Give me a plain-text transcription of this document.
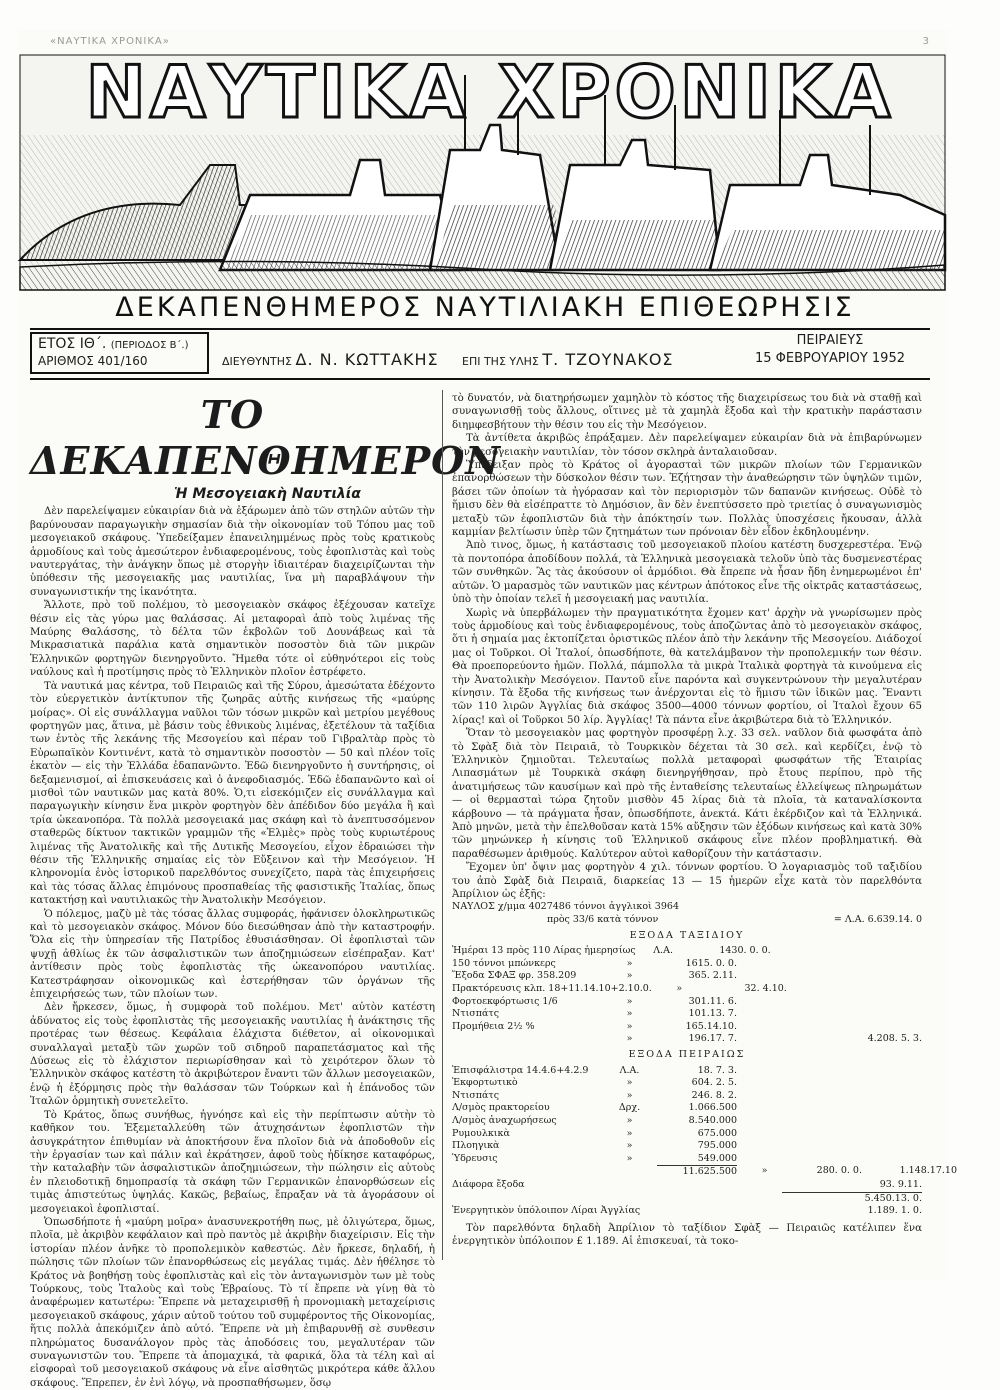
«ΝΑΥΤΙΚΑ ΧΡΟΝΙΚΑ»	3
ΝΑΥΤΙΚΑ ΧΡΟΝΙΚΑ
ΔΕΚΑΠΕΝΘΗΜΕΡΟΣ ΝΑΥΤΙΛΙΑΚΗ ΕΠΙΘΕΩΡΗΣΙΣ
ΕΤΟΣ ΙΘ΄. (ΠΕΡΙΟΔΟΣ Β΄.)
ΑΡΙΘΜΟΣ 401/160	ΔΙΕΥΘΥΝΤΗΣ Δ. Ν. ΚΩΤΤΑΚΗΣ ΕΠΙ ΤΗΣ ΥΛΗΣ Τ. ΤΖΟΥΝΑΚΟΣ
ΠΕΙΡΑΙΕΥΣ
15 ΦΕΒΡΟΥΑΡΙΟΥ 1952
ΤΟ ΔΕΚΑΠΕΝΘΗΜΕΡΟΝ
Ἡ Μεσογειακὴ Ναυτιλία

Δὲν παρελείψαμεν εὐκαιρίαν διὰ νὰ ἐξάρωμεν ἀπὸ τῶν στηλῶν αὐτῶν τὴν βαρύνουσαν παραγωγικὴν σημασίαν διὰ τὴν οἰκονομίαν τοῦ Τόπου μας τοῦ μεσογειακοῦ σκάφους. Ὑπεδείξαμεν ἐπανειλημμένως πρὸς τοὺς κρατικοὺς ἁρμοδίους καὶ τοὺς ἀμεσώτερον ἐνδιαφερομένους, τοὺς ἐφοπλιστὰς καὶ τοὺς ναυτεργάτας, τὴν ἀνάγκην ὅπως μὲ στοργὴν ἰδιαιτέραν διαχειρίζωνται τὴν ὑπόθεσιν τῆς μεσογειακῆς μας ναυτιλίας, ἵνα μὴ παραβλάψουν τὴν συναγωνιστικήν της ἱκανότητα.

Ἄλλοτε, πρὸ τοῦ πολέμου, τὸ μεσογειακὸν σκάφος ἐξέχουσαν κατεῖχε θέσιν εἰς τὰς γύρω μας θαλάσσας. Αἱ μεταφοραὶ ἀπὸ τοὺς λιμένας τῆς Μαύρης Θαλάσσης, τὸ δέλτα τῶν ἐκβολῶν τοῦ Δουνάβεως καὶ τὰ Μικρασιατικὰ παράλια κατὰ σημαντικὸν ποσοστὸν διὰ τῶν μικρῶν Ἑλληνικῶν φορτηγῶν διενηργοῦντο. Ἤμεθα τότε οἱ εὐθηνότεροι εἰς τοὺς ναύλους καὶ ἡ προτίμησις πρὸς τὸ Ἑλληνικὸν πλοῖον ἐστρέφετο.

Τὰ ναυτικά μας κέντρα, τοῦ Πειραιῶς καὶ τῆς Σύρου, ἀμεσώτατα ἐδέχοντο τὸν εὐεργετικὸν ἀντίκτυπον τῆς ζωηρᾶς αὐτῆς κινήσεως τῆς «μαύρης μοίρας». Οἱ εἰς συνάλλαγμα ναῦλοι τῶν τόσων μικρῶν καὶ μετρίου μεγέθους φορτηγῶν μας, ἅτινα, μὲ βάσιν τοὺς ἐθνικοὺς λιμένας, ἐξετέλουν τὰ ταξίδια των ἐντὸς τῆς λεκάνης τῆς Μεσογείου καὶ πέραν τοῦ Γιβραλτὰρ πρὸς τὸ Εὐρωπαϊκὸν Κοντινέντ, κατὰ τὸ σημαντικὸν ποσοστὸν — 50 καὶ πλέον τοῖς ἑκατὸν — εἰς τὴν Ἑλλάδα ἐδαπανῶντο. Ἐδῶ διενηργοῦντο ἡ συντήρησις, οἱ δεξαμενισμοί, αἱ ἐπισκευάσεις καὶ ὁ ἀνεφοδιασμός. Ἐδῶ ἐδαπανῶντο καὶ οἱ μισθοὶ τῶν ναυτικῶν μας κατὰ 80%. Ὁ,τι εἰσεκόμιζεν εἰς συνάλλαγμα καὶ παραγωγικὴν κίνησιν ἕνα μικρὸν φορτηγὸν δὲν ἀπέδιδον δύο μεγάλα ἢ καὶ τρία ὠκεανοπόρα. Τὰ πολλὰ μεσογειακά μας σκάφη καὶ τὸ ἀνεπτυσσόμενον σταθερῶς δίκτυον τακτικῶν γραμμῶν τῆς «Ἑλμὲς» πρὸς τοὺς κυριωτέρους λιμένας τῆς Ἀνατολικῆς καὶ τῆς Δυτικῆς Μεσογείου, εἶχον ἑδραιώσει τὴν θέσιν τῆς Ἑλληνικῆς σημαίας εἰς τὸν Εὔξεινον καὶ τὴν Μεσόγειον. Ἡ κληρονομία ἑνὸς ἱστορικοῦ παρελθόντος συνεχίζετο, παρὰ τὰς ἐπιχειρήσεις καὶ τὰς τόσας ἄλλας ἐπιμόνους προσπαθείας τῆς φασιστικῆς Ἰταλίας, ὅπως κατακτήσῃ καὶ ναυτιλιακῶς τὴν Ἀνατολικὴν Μεσόγειον.

Ὁ πόλεμος, μαζὺ μὲ τὰς τόσας ἄλλας συμφοράς, ἠφάνισεν ὁλοκληρωτικῶς καὶ τὸ μεσογειακὸν σκάφος. Μόνον δύο διεσώθησαν ἀπὸ τὴν καταστροφήν. Ὅλα εἰς τὴν ὑπηρεσίαν τῆς Πατρίδος ἐθυσιάσθησαν. Οἱ ἐφοπλισταὶ τῶν ψυχῇ ἀθλίως ἐκ τῶν ἀσφαλιστικῶν των ἀποζημιώσεων εἰσέπραξαν. Κατ' ἀντίθεσιν πρὸς τοὺς ἐφοπλιστὰς τῆς ὠκεανοπόρου ναυτιλίας. Κατεστράφησαν οἰκονομικῶς καὶ ἐστερήθησαν τῶν ὀργάνων τῆς ἐπιχειρήσεώς των, τῶν πλοίων των.

Δὲν ἤρκεσεν, ὅμως, ἡ συμφορὰ τοῦ πολέμου. Μετ' αὐτὸν κατέστη ἀδύνατος εἰς τοὺς ἐφοπλιστὰς τῆς μεσογειακῆς ναυτιλίας ἡ ἀνάκτησις τῆς προτέρας των θέσεως. Κεφάλαια ἐλάχιστα διέθετον, αἱ οἰκονομικαὶ συναλλαγαὶ μεταξὺ τῶν χωρῶν τοῦ σιδηροῦ παραπετάσματος καὶ τῆς Δύσεως εἰς τὸ ἐλάχιστον περιωρίσθησαν καὶ τὸ χειρότερον ὅλων τὸ Ἑλληνικὸν σκάφος κατέστη τὸ ἀκριβώτερον ἔναντι τῶν ἄλλων μεσογειακῶν, ἐνῷ ἡ ἐξόρμησις πρὸς τὴν θαλάσσαν τῶν Τούρκων καὶ ἡ ἐπάνοδος τῶν Ἰταλῶν ὁρμητικὴ συνετελεῖτο.

Τὸ Κράτος, ὅπως συνήθως, ἠγνόησε καὶ εἰς τὴν περίπτωσιν αὐτὴν τὸ καθῆκον του. Ἐξεμεταλλεύθη τῶν ἀτυχησάντων ἐφοπλιστῶν τὴν ἀσυγκράτητον ἐπιθυμίαν νὰ ἀποκτήσουν ἕνα πλοῖον διὰ νὰ ἀποδοθοῦν εἰς τὴν ἐργασίαν των καὶ πάλιν καὶ ἐκράτησεν, ἀφοῦ τοὺς ἠδίκησε καταφόρως, τὴν καταλαβὴν τῶν ἀσφαλιστικῶν ἀποζημιώσεων, τὴν πώλησιν εἰς αὐτοὺς ἐν πλειοδοτικῇ δημοπρασίᾳ τὰ σκάφη τῶν Γερμανικῶν ἐπανορθώσεων εἰς τιμὰς ἀπιστεύτως ὑψηλάς. Κακῶς, βεβαίως, ἔπραξαν νὰ τὰ ἀγοράσουν οἱ μεσογειακοὶ ἐφοπλισταί.

Ὁπωσδήποτε ἡ «μαύρη μοῖρα» ἀνασυνεκροτήθη πως, μὲ ὀλιγώτερα, ὅμως, πλοῖα, μὲ ἀκριβὸν κεφάλαιον καὶ πρὸ παντὸς μὲ ἀκριβὴν διαχείρισιν. Εἰς τὴν ἱστορίαν πλέον ἀνῆκε τὸ προπολεμικὸν καθεστώς. Δὲν ἤρκεσε, δηλαδή, ἡ πώλησις τῶν πλοίων τῶν ἐπανορθώσεως εἰς μεγάλας τιμάς. Δὲν ἠθέλησε τὸ Κράτος νὰ βοηθήσῃ τοὺς ἐφοπλιστὰς καὶ εἰς τὸν ἀνταγωνισμὸν των μὲ τοὺς Τούρκους, τοὺς Ἰταλοὺς καὶ τοὺς Ἑβραίους. Τὸ τί ἔπρεπε νὰ γίνῃ θὰ τὸ ἀναφέρωμεν κατωτέρω: Ἔπρεπε νὰ μεταχειρισθῇ ἡ προνομιακὴ μεταχείρισις μεσογειακοῦ σκάφους, χάριν αὐτοῦ τούτου τοῦ συμφέροντος τῆς Οἰκονομίας, ἥτις πολλὰ ἀπεκόμιζεν ἀπὸ αὐτό. Ἔπρεπε νὰ μὴ ἐπιβαρυνθῇ σὲ συνθεσιν πληρώματος δυσανάλογον πρὸς τὰς ἀποδόσεις του, μεγαλυτέραν τῶν συναγωνιστῶν του. Ἔπρεπε τὰ ἀπομαχικά, τὰ φαρικά, ὅλα τὰ τέλη καὶ αἱ εἰσφοραὶ τοῦ μεσογειακοῦ σκάφους νὰ εἶνε αἰσθητῶς μικρότερα κάθε ἄλλου σκάφους. Ἔπρεπεν, ἐν ἑνὶ λόγῳ, νὰ προσπαθήσωμεν, ὅσῳ

τὸ δυνατόν, νὰ διατηρήσωμεν χαμηλὸν τὸ κόστος τῆς διαχειρίσεως του διὰ νὰ σταθῇ καὶ συναγωνισθῇ τοὺς ἄλλους, οἵτινες μὲ τὰ χαμηλὰ ἔξοδα καὶ τὴν κρατικὴν παράστασιν διημφεσβήτουν τὴν θέσιν του εἰς τὴν Μεσόγειον.

Τὰ ἀντίθετα ἀκριβῶς ἐπράξαμεν. Δὲν παρελείψαμεν εὐκαιρίαν διὰ νὰ ἐπιβαρύνωμεν τὴν μεσογειακὴν ναυτιλίαν, τὸν τόσον σκληρὰ ἀνταλαιοῦσαν.

Ὑπέδειξαν πρὸς τὸ Κράτος οἱ ἀγορασταὶ τῶν μικρῶν πλοίων τῶν Γερμανικῶν ἐπανορθώσεων τὴν δύσκολον θέσιν των. Ἐζήτησαν τὴν ἀναθεώρησιν τῶν ὑψηλῶν τιμῶν, βάσει τῶν ὁποίων τὰ ἠγόρασαν καὶ τὸν περιορισμὸν τῶν δαπανῶν κινήσεως. Οὐδὲ τὸ ἥμισυ δὲν θὰ εἰσέπραττε τὸ Δημόσιον, ἂν δὲν ἐνεπτύσσετο πρὸ τριετίας ὁ συναγωνισμὸς μεταξὺ τῶν ἐφοπλιστῶν διὰ τὴν ἀπόκτησίν των. Πολλὰς ὑποσχέσεις ἤκουσαν, ἀλλὰ καμμίαν βελτίωσιν ὑπὲρ τῶν ζητημάτων των πρόνοιαν δὲν εἶδον ἐκδηλουμένην.

Ἀπὸ τινος, ὅμως, ἡ κατάστασις τοῦ μεσογειακοῦ πλοίου κατέστη δυσχερεστέρα. Ἐνῷ τὰ ποντοπόρα ἀποδίδουν πολλά, τὰ Ἑλληνικὰ μεσογειακὰ τελοῦν ὑπὸ τὰς δυσμενεστέρας τῶν συνθηκῶν. Ἂς τὰς ἀκούσουν οἱ ἁρμόδιοι. Θὰ ἔπρεπε νὰ ἦσαν ἤδη ἐνημερωμένοι ἐπ' αὐτῶν. Ὁ μαρασμὸς τῶν ναυτικῶν μας κέντρων ἀπότοκος εἶνε τῆς οἰκτρᾶς καταστάσεως, ὑπὸ τὴν ὁποίαν τελεῖ ἡ μεσογειακή μας ναυτιλία.

Χωρὶς νὰ ὑπερβάλωμεν τὴν πραγματικότητα ἔχομεν κατ' ἀρχὴν νὰ γνωρίσωμεν πρὸς τοὺς ἁρμοδίους καὶ τοὺς ἐνδιαφερομένους, τοὺς ἀποζῶντας ἀπὸ τὸ μεσογειακὸν σκάφος, ὅτι ἡ σημαία μας ἐκτοπίζεται ὁριστικῶς πλέον ἀπὸ τὴν λεκάνην τῆς Μεσογείου. Διάδοχοί μας οἱ Τοῦρκοι. Οἱ Ἰταλοί, ὁπωσδήποτε, θὰ κατελάμβανον τὴν προπολεμικήν των θέσιν. Θὰ προεπορεύοντο ἡμῶν. Πολλά, πάμπολλα τὰ μικρὰ Ἰταλικὰ φορτηγὰ τὰ κινούμενα εἰς τὴν Ἀνατολικὴν Μεσόγειον. Παντοῦ εἶνε παρόντα καὶ συγκεντρώνουν τὴν μεγαλυτέραν κίνησιν. Τὰ ἔξοδα τῆς κινήσεως των ἀνέρχονται εἰς τὸ ἥμισυ τῶν ἰδικῶν μας. Ἔναντι τῶν 110 λιρῶν Ἀγγλίας διὰ σκάφος 3500—4000 τόννων φορτίου, οἱ Ἰταλοὶ ἔχουν 65 λίρας! καὶ οἱ Τοῦρκοι 50 λίρ. Ἀγγλίας! Τὰ πάντα εἶνε ἀκριβώτερα διὰ τὸ Ἑλληνικόν.

Ὅταν τὸ μεσογειακὸν μας φορτηγὸν προσφέρῃ λ.χ. 33 σελ. ναῦλον διὰ φωσφάτα ἀπὸ τὸ Σφὰξ διὰ τὸν Πειραιᾶ, τὸ Τουρκικὸν δέχεται τὰ 30 σελ. καὶ κερδίζει, ἐνῷ τὸ Ἑλληνικὸν ζημιοῦται. Τελευταίως πολλὰ μεταφοραὶ φωσφάτων τῆς Ἑταιρίας Λιπασμάτων μὲ Τουρκικὰ σκάφη διενηργήθησαν, πρὸ ἔτους περίπου, πρὸ τῆς ἀνατιμήσεως τῶν καυσίμων καὶ πρὸ τῆς ἐνταθείσης τελευταίως ἐλλείψεως πληρωμάτων — οἱ θερμασταὶ τώρα ζητοῦν μισθὸν 45 λίρας διὰ τὰ πλοῖα, τὰ καταναλίσκοντα κάρβουνο — τὰ πράγματα ἦσαν, ὁπωσδήποτε, ἀνεκτά. Κάτι ἐκέρδιζον καὶ τὰ Ἑλληνικά. Ἀπὸ μηνῶν, μετὰ τὴν ἐπελθοῦσαν κατὰ 15% αὔξησιν τῶν ἐξόδων κινήσεως καὶ κατὰ 30% τῶν μηνώνκερ ἡ κίνησις τοῦ Ἑλληνικοῦ σκάφους εἶνε πλέον προβληματική. Θὰ παραθέσωμεν ἀριθμούς. Καλύτερον αὐτοὶ καθορίζουν τὴν κατάστασιν.

Ἔχομεν ὑπ' ὄψιν μας φορτηγὸν 4 χιλ. τόννων φορτίου. Ὁ λογαριασμὸς τοῦ ταξιδίου του ἀπὸ Σφὰξ διὰ Πειραιᾶ, διαρκείας 13 — 15 ἡμερῶν εἶχε κατὰ τὸν παρελθόντα Ἀπρίλιον ὡς ἐξῆς:

ΝΑΥΛΟΣ χ/μμα 4027486 τόννοι ἀγγλικοὶ 3964
πρὸς 33/6 κατὰ τόννον	= Λ.Α. 6.639.14. 0
ΕΞΟΔΑ ΤΑΞΙΔΙΟΥ
Ἡμέραι 13 πρὸς 110 Λίρας ἡμερησίως	Λ.Α.	1430. 0. 0.
150 τόννοι μπώνκερς	»	1615. 0. 0.
Ἔξοδα ΣΦΑΞ φρ. 358.209	»	365. 2.11.
Πρακτόρευσις κλπ. 18+11.14.10+2.10.0.	»	32. 4.10.
Φορτοεκφόρτωσις 1/6	»	301.11. 6.
Ντισπάτς	»	101.13. 7.
Προμήθεια 2½ %	»	165.14.10.
»	196.17. 7.	4.208. 5. 3.
ΕΞΟΔΑ ΠΕΙΡΑΙΩΣ
Ἐπισφάλιστρα 14.4.6+4.2.9	Λ.Α.	18. 7. 3.
Ἐκφορτωτικὸ	»	604. 2. 5.
Ντισπάτς	»	246. 8. 2.
Λ/σμὸς πρακτορείου	Δρχ.	1.066.500
Λ/σμὸς ἀναχωρήσεως	»	8.540.000
Ρυμουλκικὰ	»	675.000
Πλοηγικὰ	»	795.000
Ὑδρευσις	»	549.000
11.625.500	»	280. 0. 0.	1.148.17.10
Διάφορα ἔξοδα	93. 9.11.
5.450.13. 0.
Ἐνεργητικὸν ὑπόλοιπον Λίραι Ἀγγλίας	1.189. 1. 0.

Τὸν παρελθόντα δηλαδὴ Ἀπρίλιον τὸ ταξίδιον Σφὰξ — Πειραιῶς κατέλιπεν ἕνα ἐνεργητικὸν ὑπόλοιπον £ 1.189. Αἱ ἐπισκευαί, τὰ τοκο-
